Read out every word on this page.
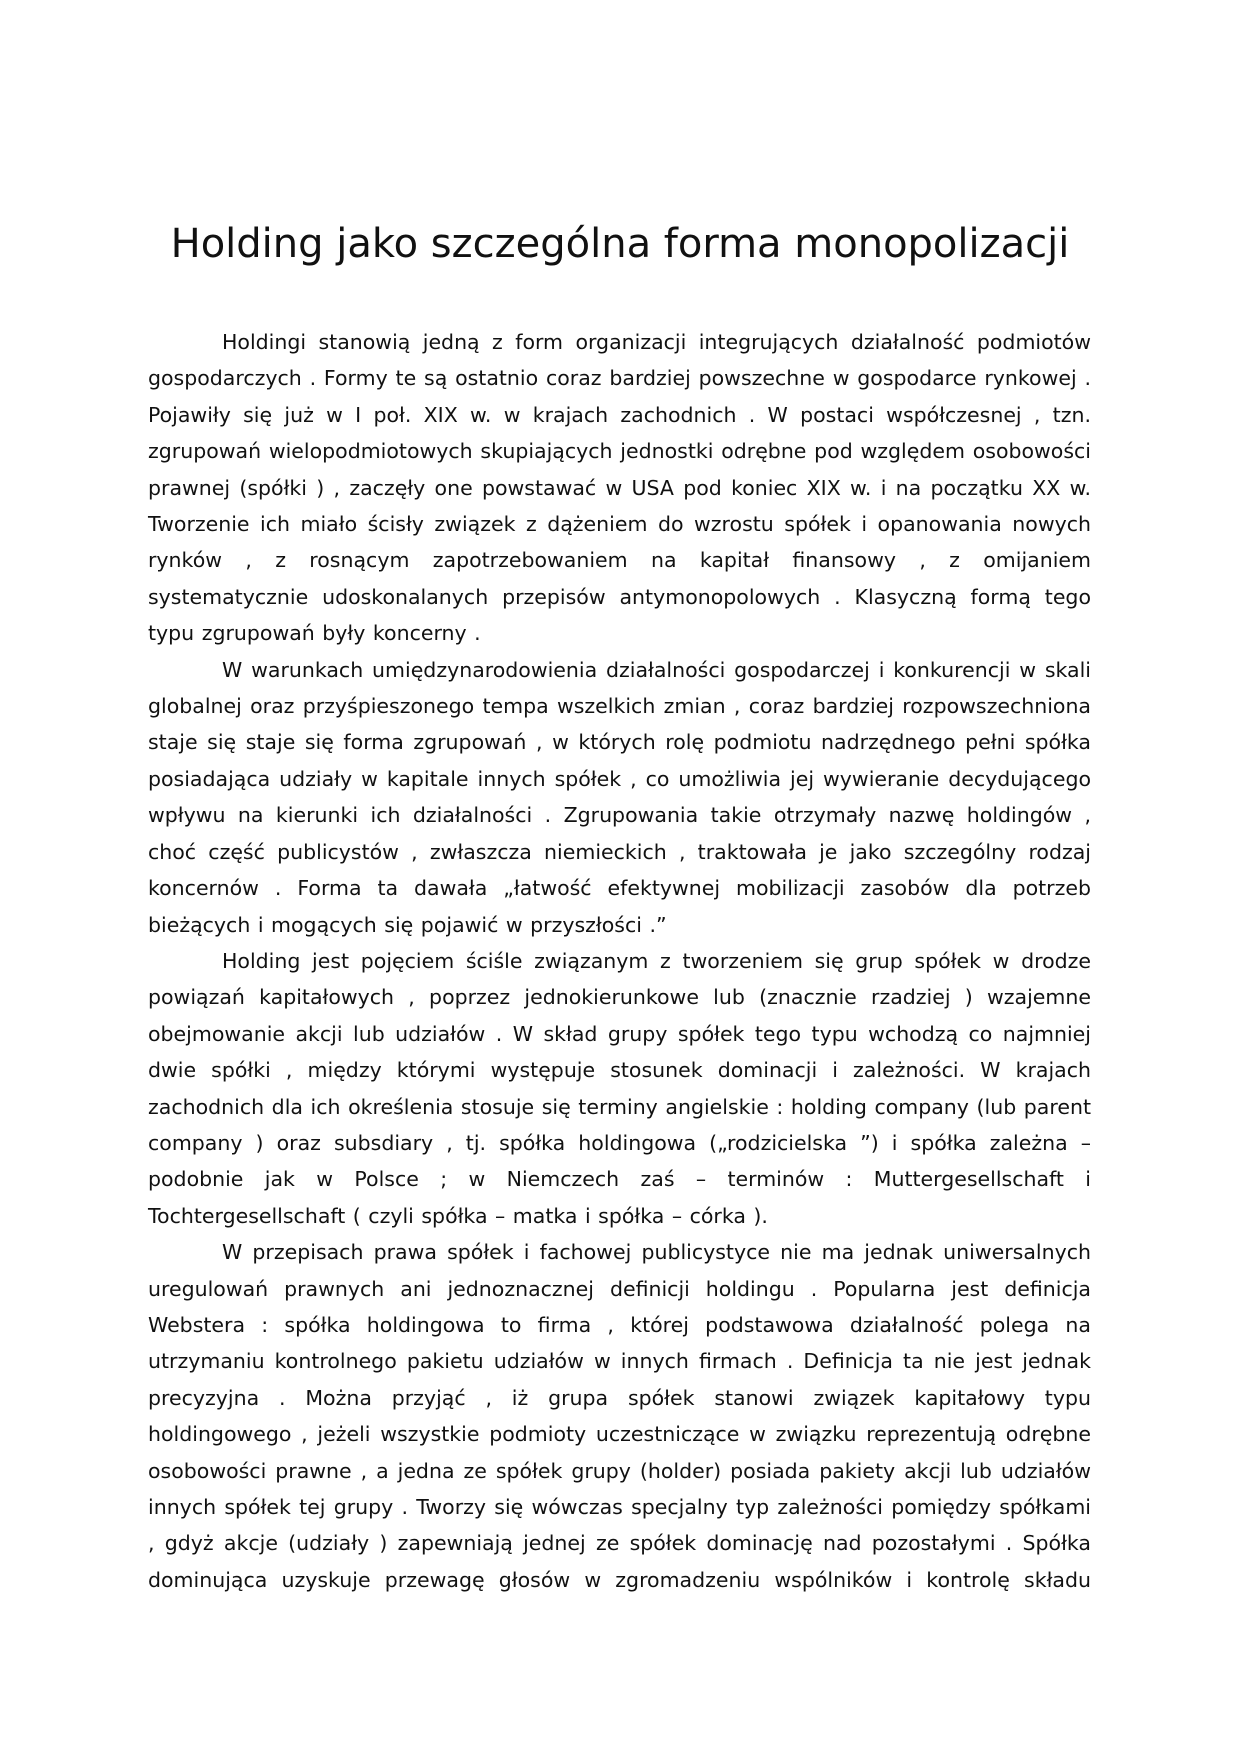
Holding jako szczególna forma monopolizacji

Holdingi stanowią jedną z form organizacji integrujących działalność podmiotów gospodarczych . Formy te są ostatnio coraz bardziej powszechne w gospodarce rynkowej . Pojawiły się już w I poł. XIX w. w krajach zachodnich . W postaci współczesnej , tzn. zgrupowań wielopodmiotowych skupiających jednostki odrębne pod względem osobowości prawnej (spółki ) , zaczęły one powstawać w USA pod koniec XIX w. i na początku XX w. Tworzenie ich miało ścisły związek z dążeniem do wzrostu spółek i opanowania nowych rynków , z rosnącym zapotrzebowaniem na kapitał finansowy , z omijaniem systematycznie udoskonalanych przepisów antymonopolowych . Klasyczną formą tego typu zgrupowań były koncerny .

W warunkach umiędzynarodowienia działalności gospodarczej i konkurencji w skali globalnej oraz przyśpieszonego tempa wszelkich zmian , coraz bardziej rozpowszechniona staje się staje się forma zgrupowań , w których rolę podmiotu nadrzędnego pełni spółka posiadająca udziały w kapitale innych spółek , co umożliwia jej wywieranie decydującego wpływu na kierunki ich działalności . Zgrupowania takie otrzymały nazwę holdingów , choć część publicystów , zwłaszcza niemieckich , traktowała je jako szczególny rodzaj koncernów . Forma ta dawała „łatwość efektywnej mobilizacji zasobów dla potrzeb bieżących i mogących się pojawić w przyszłości .”

Holding jest pojęciem ściśle związanym z tworzeniem się grup spółek w drodze powiązań kapitałowych , poprzez jednokierunkowe lub (znacznie rzadziej ) wzajemne obejmowanie akcji lub udziałów . W skład grupy spółek tego typu wchodzą co najmniej dwie spółki , między którymi występuje stosunek dominacji i zależności. W krajach zachodnich dla ich określenia stosuje się terminy angielskie : holding company (lub parent company ) oraz subsdiary , tj. spółka holdingowa („rodzicielska ”) i spółka zależna – podobnie jak w Polsce ; w Niemczech zaś – terminów : Muttergesellschaft i Tochtergesellschaft ( czyli spółka – matka i spółka – córka ).

W przepisach prawa spółek i fachowej publicystyce nie ma jednak uniwersalnych uregulowań prawnych ani jednoznacznej definicji holdingu . Popularna jest definicja Webstera : spółka holdingowa to firma , której podstawowa działalność polega na utrzymaniu kontrolnego pakietu udziałów w innych firmach . Definicja ta nie jest jednak precyzyjna . Można przyjąć , iż grupa spółek stanowi związek kapitałowy typu holdingowego , jeżeli wszystkie podmioty uczestniczące w związku reprezentują odrębne osobowości prawne , a jedna ze spółek grupy (holder) posiada pakiety akcji lub udziałów innych spółek tej grupy . Tworzy się wówczas specjalny typ zależności pomiędzy spółkami , gdyż akcje (udziały ) zapewniają jednej ze spółek dominację nad pozostałymi . Spółka dominująca uzyskuje przewagę głosów w zgromadzeniu wspólników i kontrolę składu
